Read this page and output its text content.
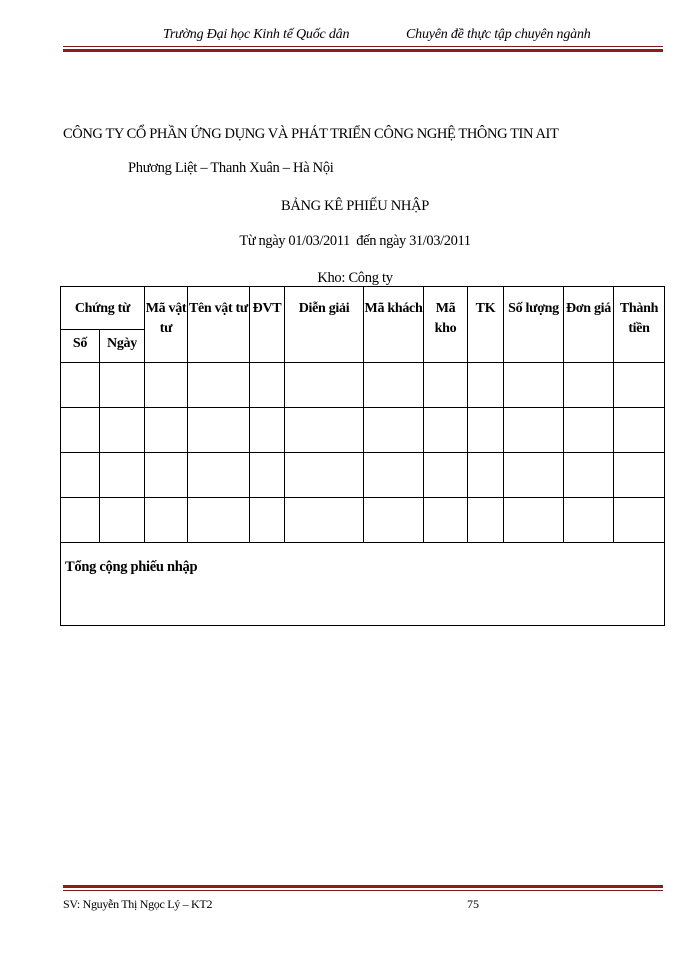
Trường Đại học Kinh tế Quốc dân	Chuyên đề thực tập chuyên ngành
CÔNG TY CỔ PHẦN ỨNG DỤNG VÀ PHÁT TRIỂN CÔNG NGHỆ THÔNG TIN AIT
Phương Liệt – Thanh Xuân – Hà Nội
BẢNG KÊ PHIẾU NHẬP
Từ ngày 01/03/2011  đến ngày 31/03/2011
Kho: Công ty
Chứng từ		Mã vật tư	Tên vật tư	ĐVT	Diễn giải	Mã khách	Mã kho	TK	Số lượng	Đơn giá	Thành tiền
Số	Ngày										

Tổng cộng phiếu nhập											
SV: Nguyễn Thị Ngọc Lý – KT2	75
